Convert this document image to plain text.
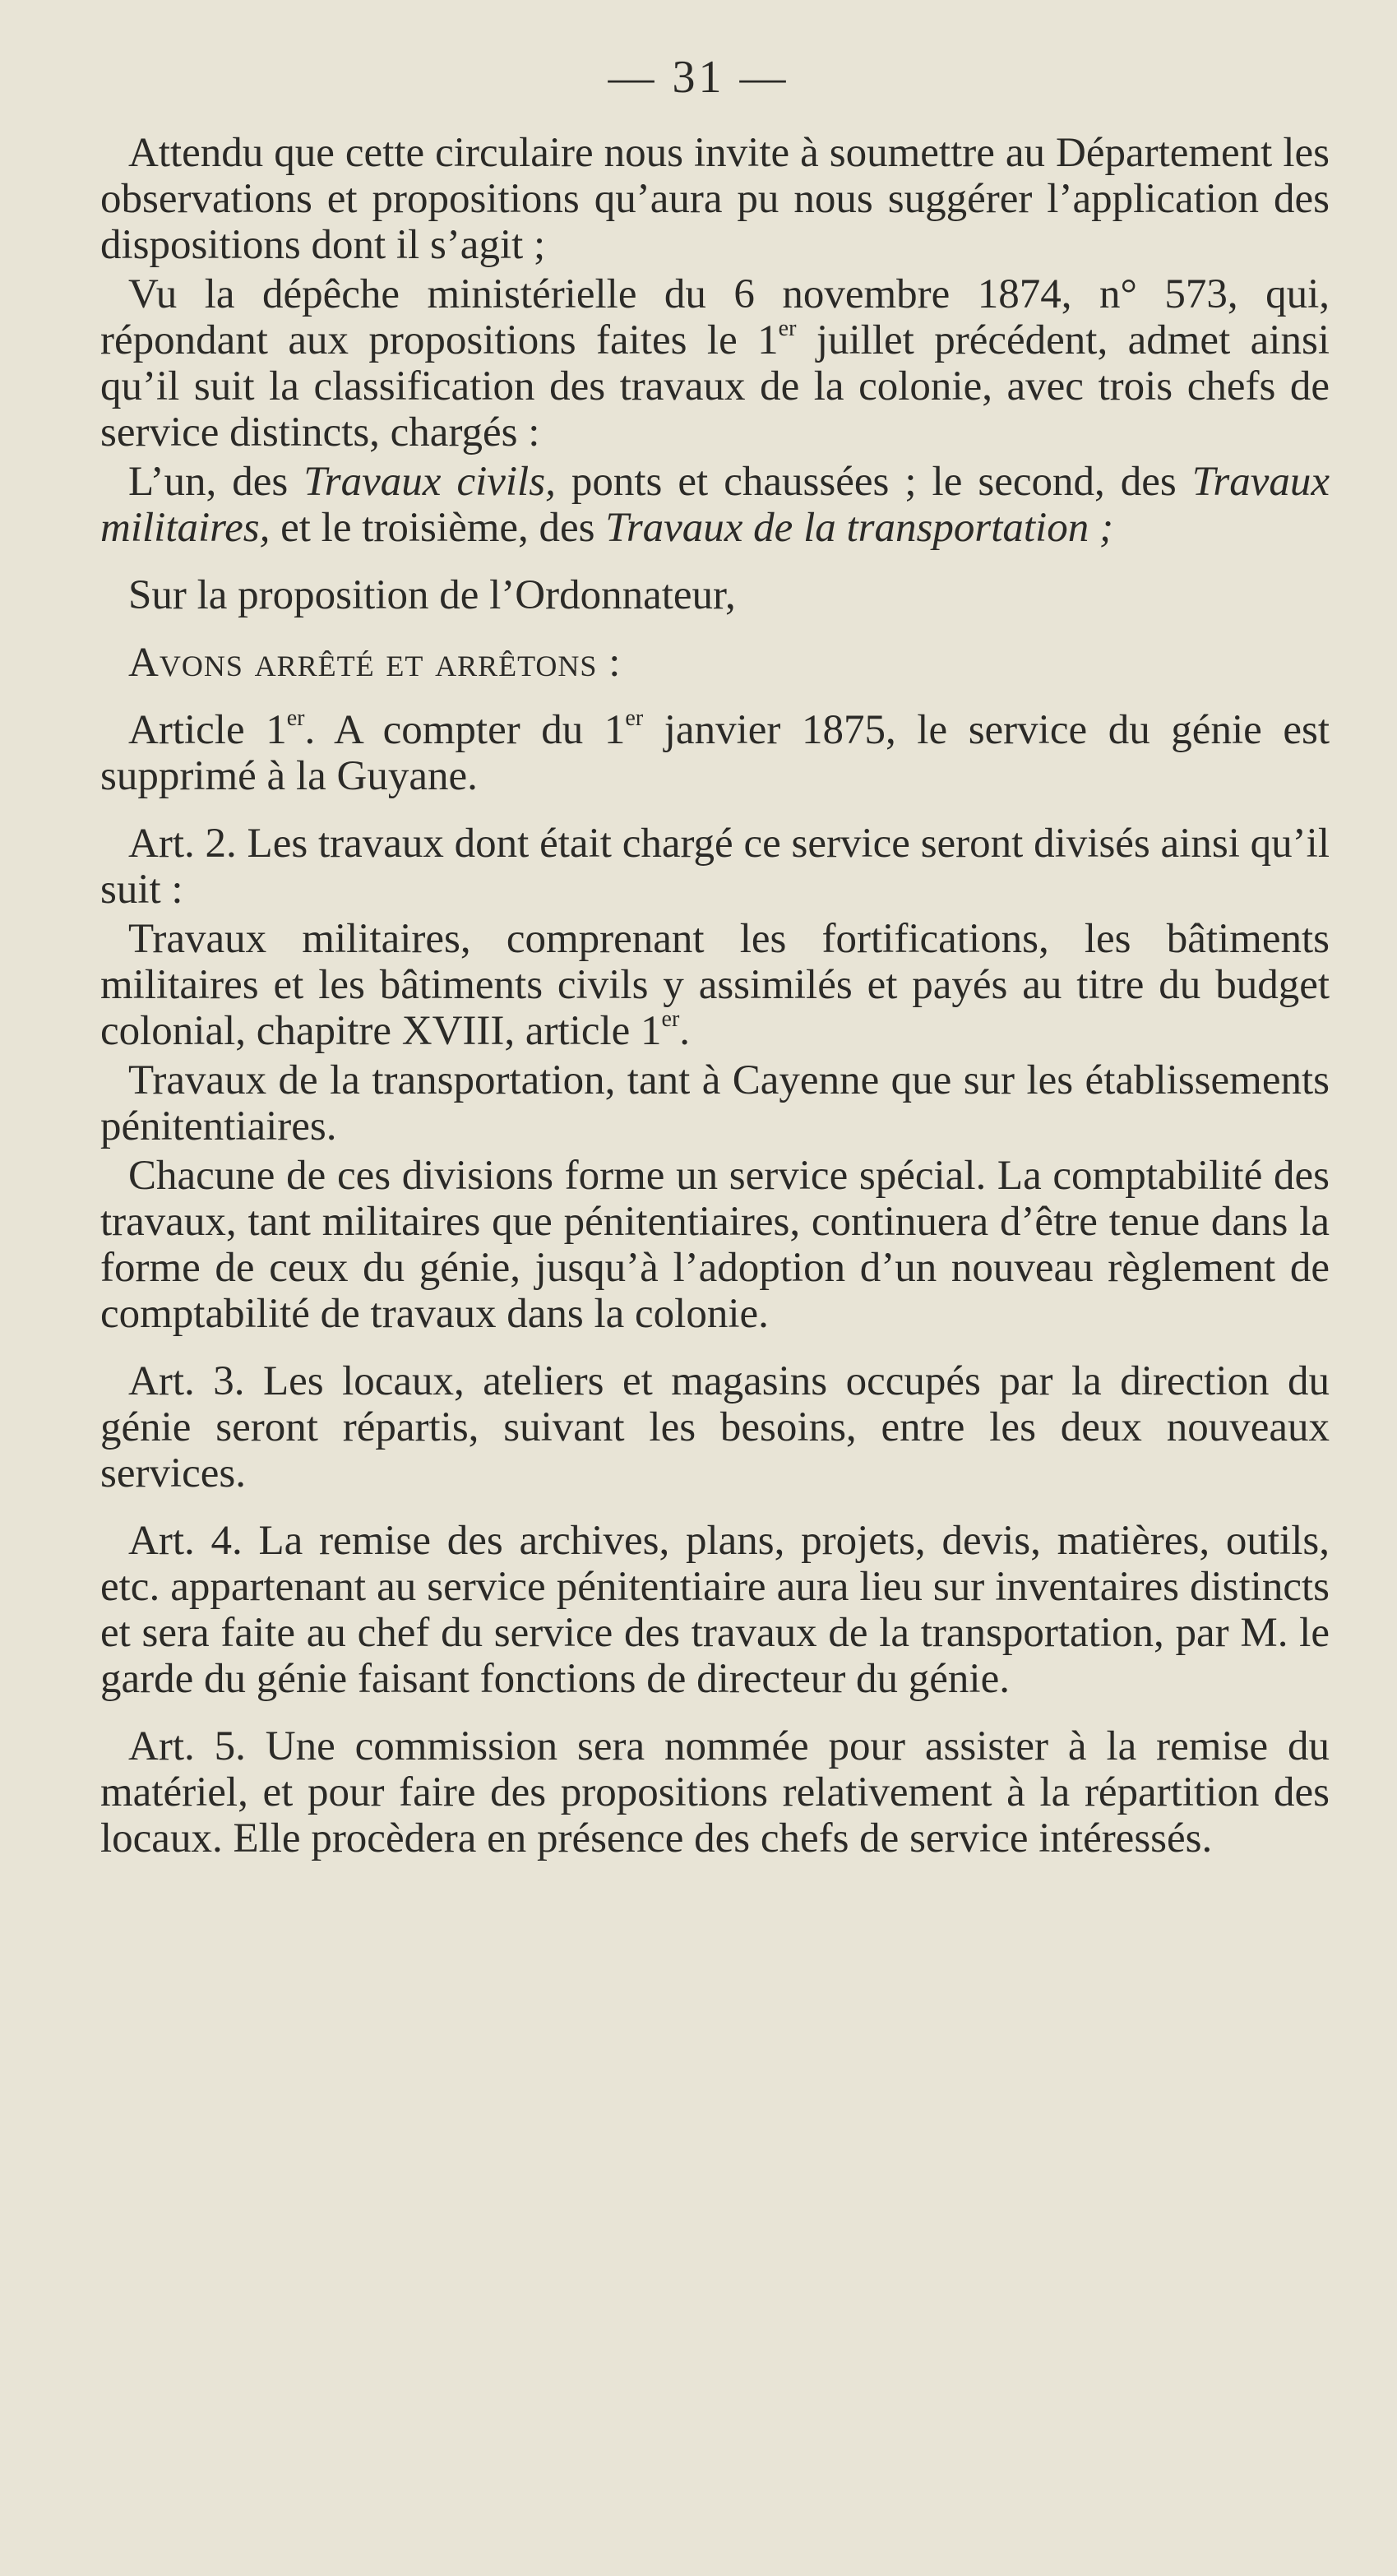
— 31 —

Attendu que cette circulaire nous invite à soumettre au Département les observations et propositions qu’aura pu nous suggérer l’application des dispositions dont il s’agit ;

Vu la dépêche ministérielle du 6 novembre 1874, n° 573, qui, répondant aux propositions faites le 1er juillet précédent, admet ainsi qu’il suit la classification des travaux de la colonie, avec trois chefs de service distincts, chargés :

L’un, des Travaux civils, ponts et chaussées ; le second, des Travaux militaires, et le troisième, des Travaux de la transportation ;

Sur la proposition de l’Ordonnateur,

Avons arrêté et arrêtons :

Article 1er. A compter du 1er janvier 1875, le service du génie est supprimé à la Guyane.

Art. 2. Les travaux dont était chargé ce service seront divisés ainsi qu’il suit :

Travaux militaires, comprenant les fortifications, les bâtiments militaires et les bâtiments civils y assimilés et payés au titre du budget colonial, chapitre XVIII, article 1er.

Travaux de la transportation, tant à Cayenne que sur les établissements pénitentiaires.

Chacune de ces divisions forme un service spécial. La comptabilité des travaux, tant militaires que pénitentiaires, continuera d’être tenue dans la forme de ceux du génie, jusqu’à l’adoption d’un nouveau règlement de comptabilité de travaux dans la colonie.

Art. 3. Les locaux, ateliers et magasins occupés par la direction du génie seront répartis, suivant les besoins, entre les deux nouveaux services.

Art. 4. La remise des archives, plans, projets, devis, matières, outils, etc. appartenant au service pénitentiaire aura lieu sur inventaires distincts et sera faite au chef du service des travaux de la transportation, par M. le garde du génie faisant fonctions de directeur du génie.

Art. 5. Une commission sera nommée pour assister à la remise du matériel, et pour faire des propositions relativement à la répartition des locaux. Elle procèdera en présence des chefs de service intéressés.
